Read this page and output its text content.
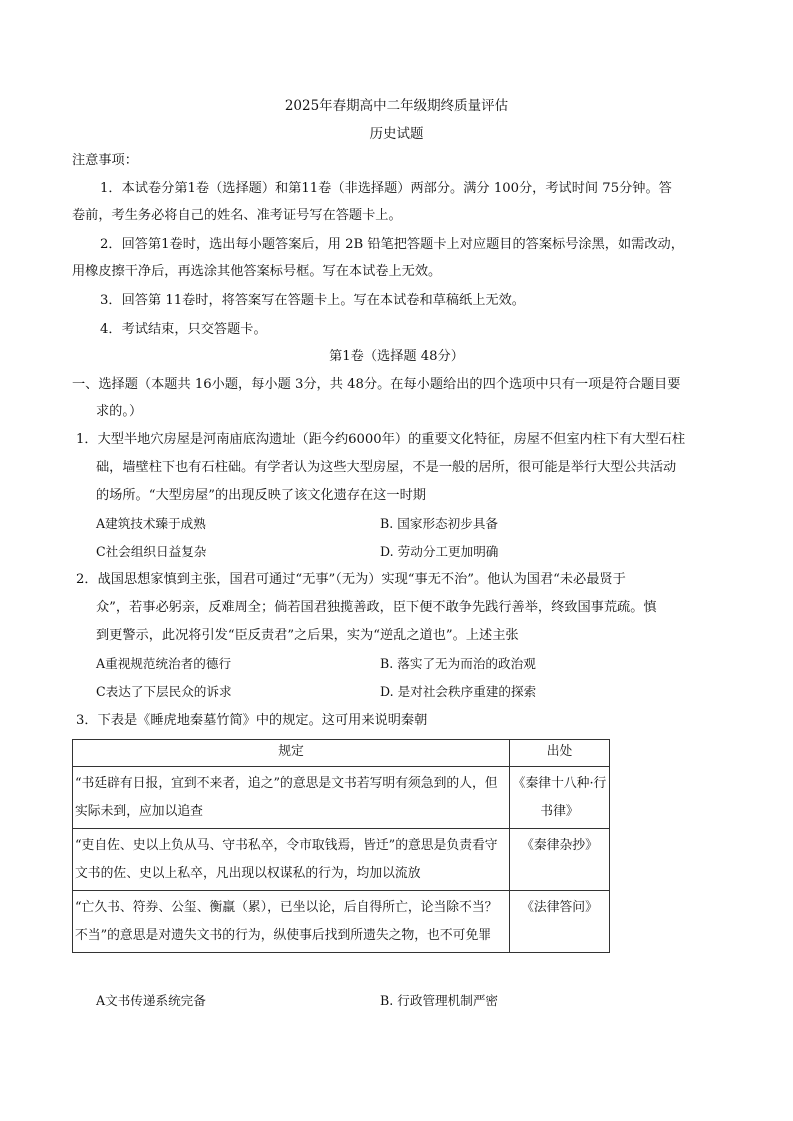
2025年春期高中二年级期终质量评估
历史试题
注意事项：
1．本试卷分第1卷（选择题）和第11卷（非选择题）两部分。满分 100分，考试时间 75分钟。答
卷前，考生务必将自己的姓名、准考证号写在答题卡上。
2．回答第1卷时，选出每小题答案后，用 2B 铅笔把答题卡上对应题目的答案标号涂黑，如需改动，
用橡皮擦干净后，再选涂其他答案标号框。写在本试卷上无效。
3．回答第 11卷时，将答案写在答题卡上。写在本试卷和草稿纸上无效。
4．考试结束，只交答题卡。
第1卷（选择题 48分）
一、选择题（本题共 16小题，每小题 3分，共 48分。在每小题给出的四个选项中只有一项是符合题目要
求的。）
1．大型半地穴房屋是河南庙底沟遗址（距今约6000年）的重要文化特征，房屋不但室内柱下有大型石柱
础，墙壁柱下也有石柱础。有学者认为这些大型房屋，不是一般的居所，很可能是举行大型公共活动
的场所。“大型房屋”的出现反映了该文化遗存在这一时期
A建筑技术臻于成熟	B. 国家形态初步具备
C社会组织日益复杂	D. 劳动分工更加明确
2．战国思想家慎到主张，国君可通过“无事”（无为）实现“事无不治”。他认为国君“未必最贤于
众”，若事必躬亲，反难周全；倘若国君独揽善政，臣下便不敢争先践行善举，终致国事荒疏。慎
到更警示，此况将引发“臣反责君”之后果，实为“逆乱之道也”。上述主张
A重视规范统治者的德行	B. 落实了无为而治的政治观
C表达了下层民众的诉求	D. 是对社会秩序重建的探索
3．下表是《睡虎地秦墓竹简》中的规定。这可用来说明秦朝
规定	出处
“书廷辟有日报，宜到不来者，追之”的意思是文书若写明有须急到的人，但实际未到，应加以追查	《秦律十八种·行书律》
“吏自佐、史以上负从马、守书私卒，令市取钱焉，皆迁”的意思是负责看守文书的佐、史以上私卒，凡出现以权谋私的行为，均加以流放	《秦律杂抄》
“亡久书、符券、公玺、衡羸（累），已坐以论，后自得所亡，论当除不当？不当”的意思是对遗失文书的行为，纵使事后找到所遗失之物，也不可免罪	《法律答问》
A文书传递系统完备	B. 行政管理机制严密
